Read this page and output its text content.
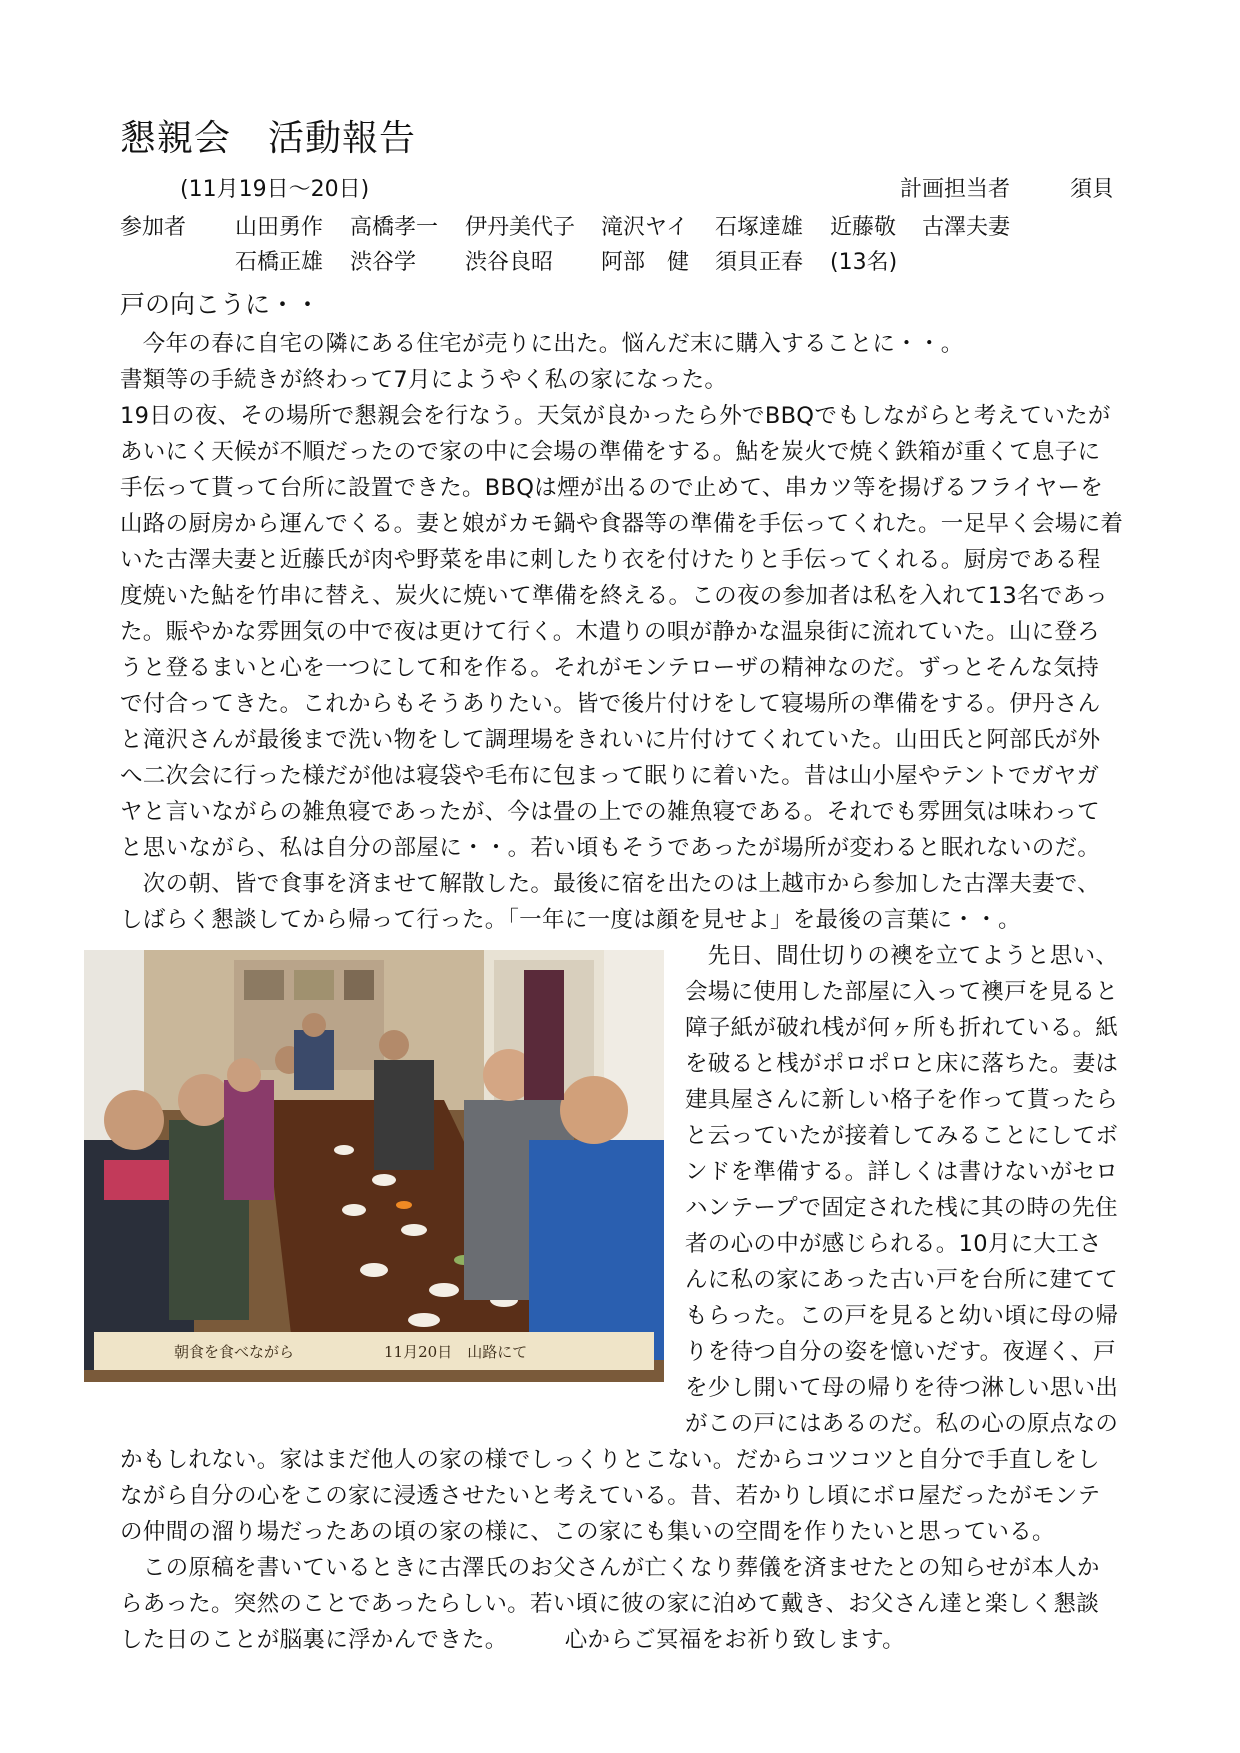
懇親会　活動報告
(11月19日～20日)	計画担当者	須貝
参加者 山田勇作 高橋孝一 伊丹美代子 滝沢ヤイ 石塚達雄 近藤敬 古澤夫妻
石橋正雄 渋谷学 渋谷良昭 阿部　健 須貝正春 (13名)
戸の向こうに・・
　今年の春に自宅の隣にある住宅が売りに出た。悩んだ末に購入することに・・。
書類等の手続きが終わって7月にようやく私の家になった。
19日の夜、その場所で懇親会を行なう。天気が良かったら外でBBQでもしながらと考えていたが
あいにく天候が不順だったので家の中に会場の準備をする。鮎を炭火で焼く鉄箱が重くて息子に
手伝って貰って台所に設置できた。BBQは煙が出るので止めて、串カツ等を揚げるフライヤーを
山路の厨房から運んでくる。妻と娘がカモ鍋や食器等の準備を手伝ってくれた。一足早く会場に着
いた古澤夫妻と近藤氏が肉や野菜を串に刺したり衣を付けたりと手伝ってくれる。厨房である程
度焼いた鮎を竹串に替え、炭火に焼いて準備を終える。この夜の参加者は私を入れて13名であっ
た。賑やかな雰囲気の中で夜は更けて行く。木遣りの唄が静かな温泉街に流れていた。山に登ろ
うと登るまいと心を一つにして和を作る。それがモンテローザの精神なのだ。ずっとそんな気持
で付合ってきた。これからもそうありたい。皆で後片付けをして寝場所の準備をする。伊丹さん
と滝沢さんが最後まで洗い物をして調理場をきれいに片付けてくれていた。山田氏と阿部氏が外
へ二次会に行った様だが他は寝袋や毛布に包まって眠りに着いた。昔は山小屋やテントでガヤガ
ヤと言いながらの雑魚寝であったが、今は畳の上での雑魚寝である。それでも雰囲気は味わって
と思いながら、私は自分の部屋に・・。若い頃もそうであったが場所が変わると眠れないのだ。
　次の朝、皆で食事を済ませて解散した。最後に宿を出たのは上越市から参加した古澤夫妻で、
しばらく懇談してから帰って行った。「一年に一度は顔を見せよ」を最後の言葉に・・。
朝食を食べながら	11月20日　山路にて
　先日、間仕切りの襖を立てようと思い、
会場に使用した部屋に入って襖戸を見ると
障子紙が破れ桟が何ヶ所も折れている。紙
を破ると桟がポロポロと床に落ちた。妻は
建具屋さんに新しい格子を作って貰ったら
と云っていたが接着してみることにしてボ
ンドを準備する。詳しくは書けないがセロ
ハンテープで固定された桟に其の時の先住
者の心の中が感じられる。10月に大工さ
んに私の家にあった古い戸を台所に建てて
もらった。この戸を見ると幼い頃に母の帰
りを待つ自分の姿を憶いだす。夜遅く、戸
を少し開いて母の帰りを待つ淋しい思い出
がこの戸にはあるのだ。私の心の原点なの
かもしれない。家はまだ他人の家の様でしっくりとこない。だからコツコツと自分で手直しをし
ながら自分の心をこの家に浸透させたいと考えている。昔、若かりし頃にボロ屋だったがモンテ
の仲間の溜り場だったあの頃の家の様に、この家にも集いの空間を作りたいと思っている。
　この原稿を書いているときに古澤氏のお父さんが亡くなり葬儀を済ませたとの知らせが本人か
らあった。突然のことであったらしい。若い頃に彼の家に泊めて戴き、お父さん達と楽しく懇談
した日のことが脳裏に浮かんできた。　　　心からご冥福をお祈り致します。
